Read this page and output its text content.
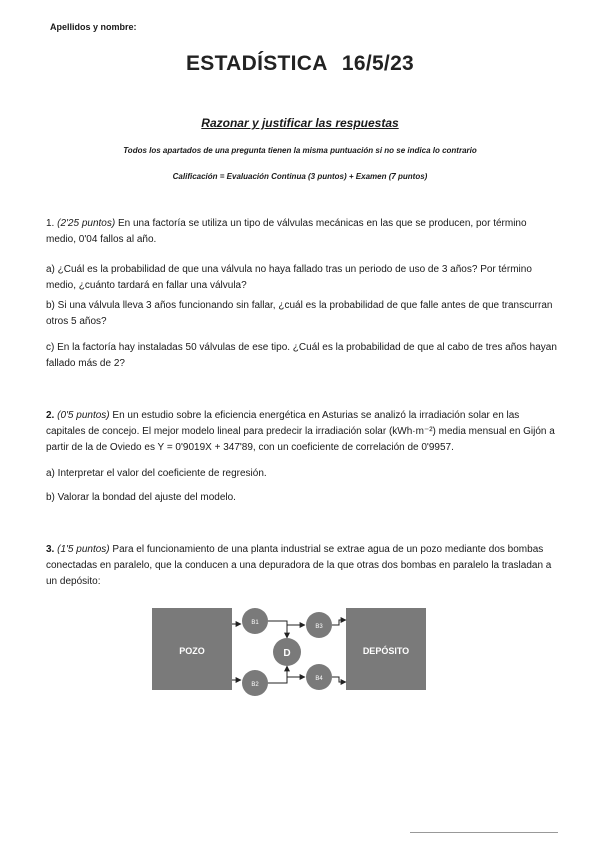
Apellidos y nombre:
ESTADÍSTICA 16/5/23
Razonar y justificar las respuestas
Todos los apartados de una pregunta tienen la misma puntuación si no se indica lo contrario
Calificación = Evaluación Continua (3 puntos) + Examen (7 puntos)
1. (2'25 puntos) En una factoría se utiliza un tipo de válvulas mecánicas en las que se producen, por término medio, 0'04 fallos al año.
a) ¿Cuál es la probabilidad de que una válvula no haya fallado tras un periodo de uso de 3 años? Por término medio, ¿cuánto tardará en fallar una válvula?
b) Si una válvula lleva 3 años funcionando sin fallar, ¿cuál es la probabilidad de que falle antes de que transcurran otros 5 años?
c) En la factoría hay instaladas 50 válvulas de ese tipo. ¿Cuál es la probabilidad de que al cabo de tres años hayan fallado más de 2?
2. (0'5 puntos) En un estudio sobre la eficiencia energética en Asturias se analizó la irradiación solar en las capitales de concejo. El mejor modelo lineal para predecir la irradiación solar (kWh·m⁻²) media mensual en Gijón a partir de la de Oviedo es Y = 0'9019X + 347'89, con un coeficiente de correlación de 0'9957.
a) Interpretar el valor del coeficiente de regresión.
b) Valorar la bondad del ajuste del modelo.
3. (1'5 puntos) Para el funcionamiento de una planta industrial se extrae agua de un pozo mediante dos bombas conectadas en paralelo, que la conducen a una depuradora de la que otras dos bombas en paralelo la trasladan a un depósito:
POZO	DEPÓSITO
B1
B2
D
B3
B4
